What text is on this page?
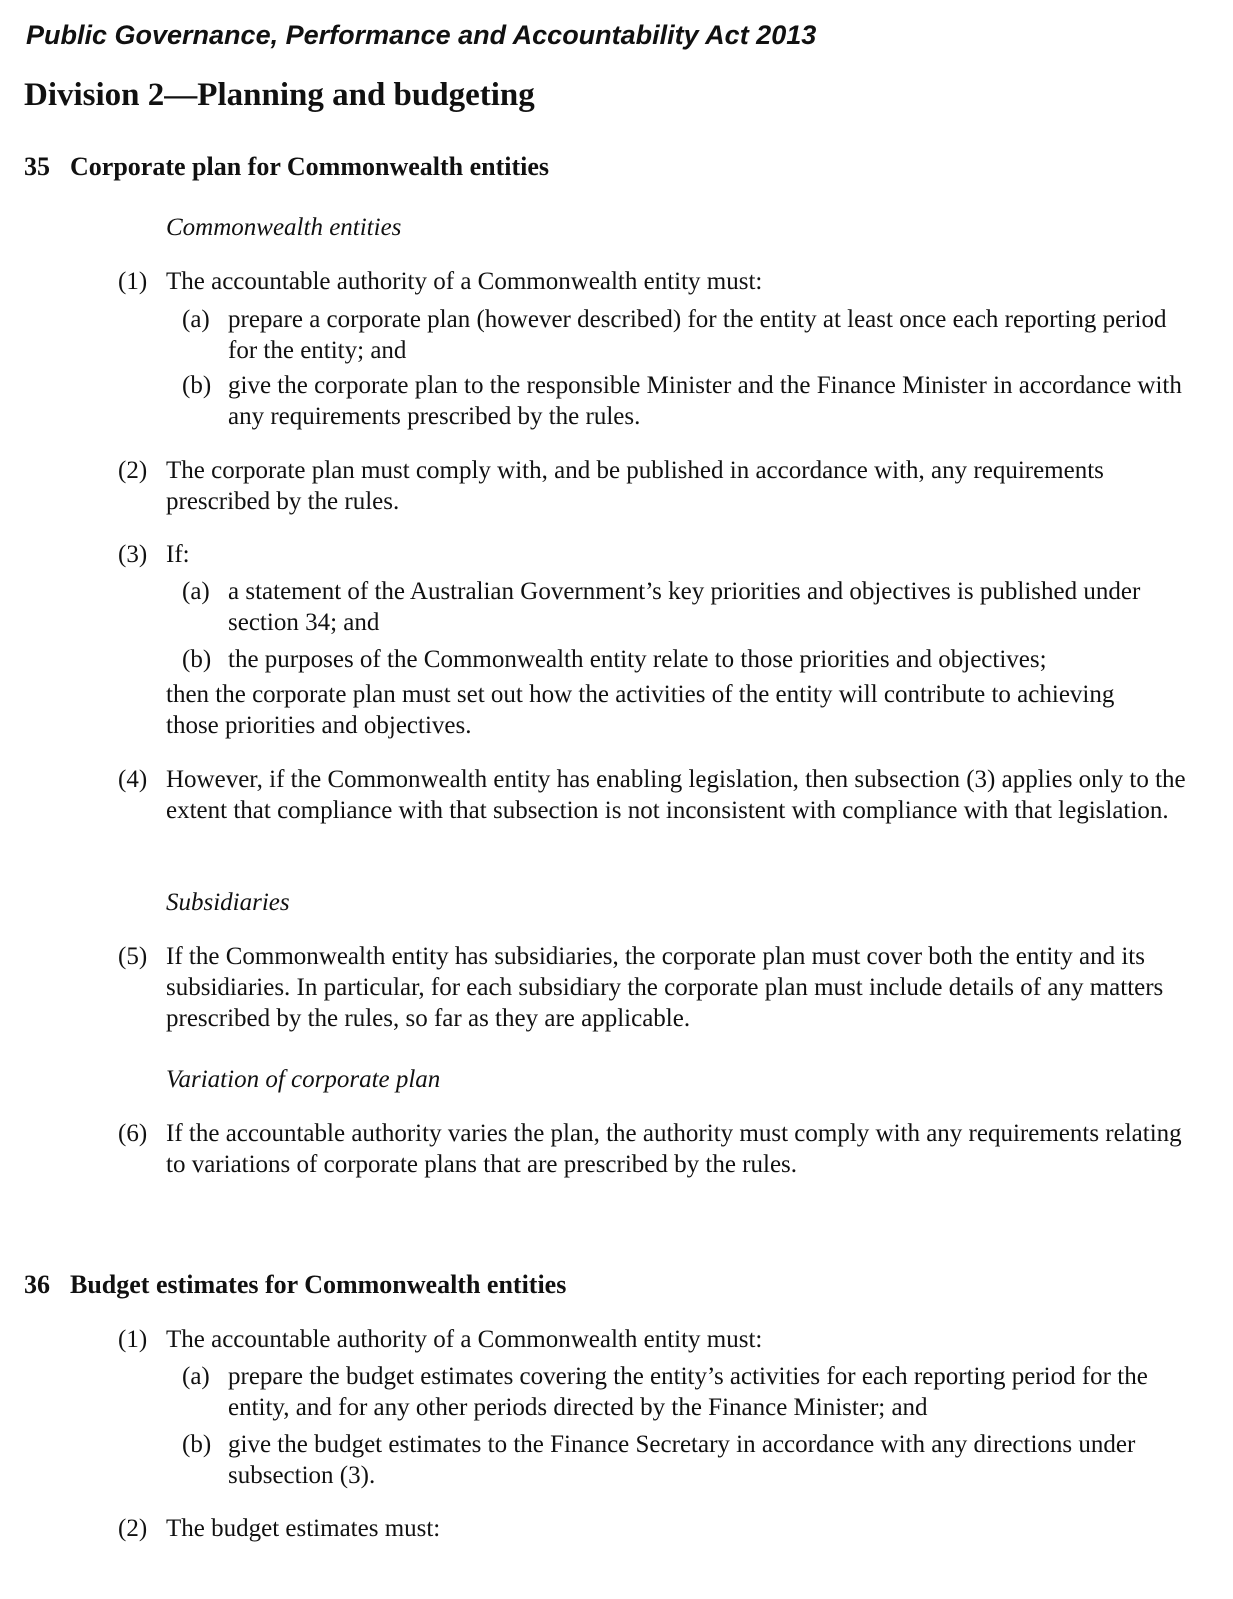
Public Governance, Performance and Accountability Act 2013
Division 2—Planning and budgeting
35 Corporate plan for Commonwealth entities
Commonwealth entities
(1) The accountable authority of a Commonwealth entity must:
(a) prepare a corporate plan (however described) for the entity at least once each reporting period for the entity; and
(b) give the corporate plan to the responsible Minister and the Finance Minister in accordance with any requirements prescribed by the rules.
(2) The corporate plan must comply with, and be published in accordance with, any requirements prescribed by the rules.
(3) If:
(a) a statement of the Australian Government’s key priorities and objectives is published under section 34; and
(b) the purposes of the Commonwealth entity relate to those priorities and objectives;
then the corporate plan must set out how the activities of the entity will contribute to achieving those priorities and objectives.
(4) However, if the Commonwealth entity has enabling legislation, then subsection (3) applies only to the extent that compliance with that subsection is not inconsistent with compliance with that legislation.
Subsidiaries
(5) If the Commonwealth entity has subsidiaries, the corporate plan must cover both the entity and its subsidiaries. In particular, for each subsidiary the corporate plan must include details of any matters prescribed by the rules, so far as they are applicable.
Variation of corporate plan
(6) If the accountable authority varies the plan, the authority must comply with any requirements relating to variations of corporate plans that are prescribed by the rules.
36 Budget estimates for Commonwealth entities
(1) The accountable authority of a Commonwealth entity must:
(a) prepare the budget estimates covering the entity’s activities for each reporting period for the entity, and for any other periods directed by the Finance Minister; and
(b) give the budget estimates to the Finance Secretary in accordance with any directions under subsection (3).
(2) The budget estimates must:
